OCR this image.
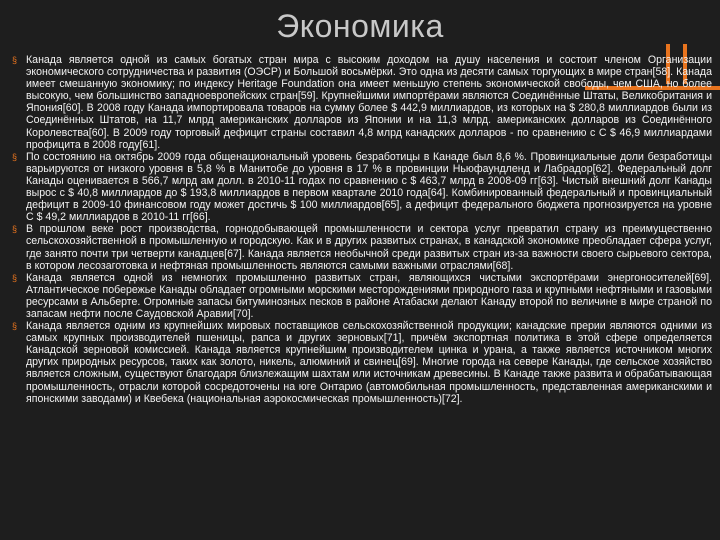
Экономика

§ Канада является одной из самых богатых стран мира с высоким доходом на душу населения и состоит членом Организации экономического сотрудничества и развития (ОЭСР) и Большой восьмёрки. Это одна из десяти самых торгующих в мире стран[58]. Канада имеет смешанную экономику; по индексу Heritage Foundation она имеет меньшую степень экономической свободы, чем США, но более высокую, чем большинство западноевропейских стран[59]. Крупнейшими импортёрами являются Соединённые Штаты, Великобритания и Япония[60]. В 2008 году Канада импортировала товаров на сумму более $ 442,9 миллиардов, из которых на $ 280,8 миллиардов были из Соединённых Штатов, на 11,7 млрд американских долларов из Японии и на 11,3 млрд. американских долларов из Соединённого Королевства[60]. В 2009 году торговый дефицит страны составил 4,8 млрд канадских долларов - по сравнению с С $ 46,9 миллиардами профицита в 2008 году[61].

§ По состоянию на октябрь 2009 года общенациональный уровень безработицы в Канаде был 8,6 %. Провинциальные доли безработицы варьируются от низкого уровня в 5,8 % в Манитобе до уровня в 17 % в провинции Ньюфаундленд и Лабрадор[62]. Федеральный долг Канады оценивается в 566,7 млрд ам долл. в 2010-11 годах по сравнению с $ 463,7 млрд в 2008-09 гг[63]. Чистый внешний долг Канады вырос с $ 40,8 миллиардов до $ 193,8 миллиардов в первом квартале 2010 года[64]. Комбинированный федеральный и провинциальный дефицит в 2009-10 финансовом году может достичь $ 100 миллиардов[65], а дефицит федерального бюджета прогнозируется на уровне С $ 49,2 миллиардов в 2010-11 гг[66].

§ В прошлом веке рост производства, горнодобывающей промышленности и сектора услуг превратил страну из преимущественно сельскохозяйственной в промышленную и городскую. Как и в других развитых странах, в канадской экономике преобладает сфера услуг, где занято почти три четверти канадцев[67]. Канада является необычной среди развитых стран из-за важности своего сырьевого сектора, в котором лесозаготовка и нефтяная промышленность являются самыми важными отраслями[68].

§ Канада является одной из немногих промышленно развитых стран, являющихся чистыми экспортёрами энергоносителей[69]. Атлантическое побережье Канады обладает огромными морскими месторождениями природного газа и крупными нефтяными и газовыми ресурсами в Альберте. Огромные запасы битуминозных песков в районе Атабаски делают Канаду второй по величине в мире страной по запасам нефти после Саудовской Аравии[70].

§ Канада является одним из крупнейших мировых поставщиков сельскохозяйственной продукции; канадские прерии являются одними из самых крупных производителей пшеницы, рапса и других зерновых[71], причём экспортная политика в этой сфере определяется Канадской зерновой комиссией. Канада является крупнейшим производителем цинка и урана, а также является источником многих других природных ресурсов, таких как золото, никель, алюминий и свинец[69]. Многие города на севере Канады, где сельское хозяйство является сложным, существуют благодаря близлежащим шахтам или источникам древесины. В Канаде также развита и обрабатывающая промышленность, отрасли которой сосредоточены на юге Онтарио (автомобильная промышленность, представленная американскими и японскими заводами) и Квебека (национальная аэрокосмическая промышленность)[72].
